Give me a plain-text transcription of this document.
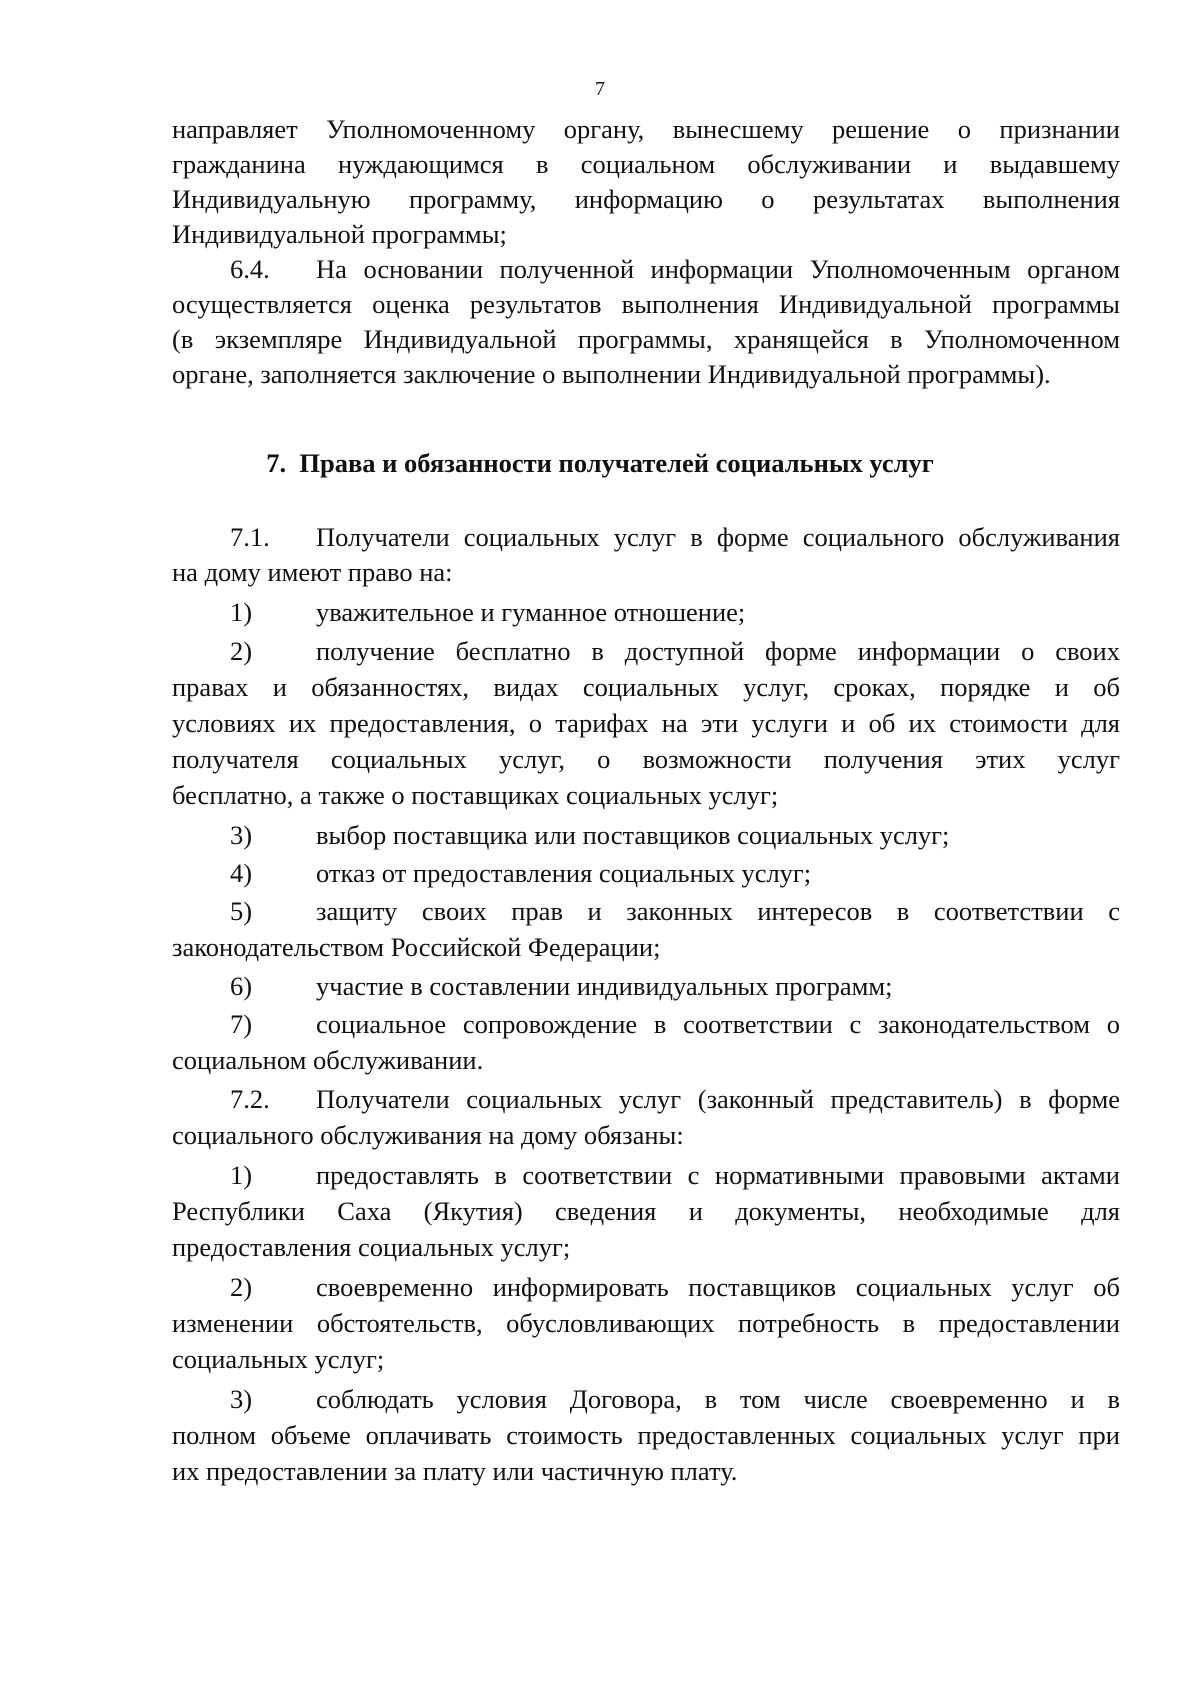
7
направляет Уполномоченному органу, вынесшему решение о признании
гражданина нуждающимся в социальном обслуживании и выдавшему
Индивидуальную программу, информацию о результатах выполнения
Индивидуальной программы;
6.4. На основании полученной информации Уполномоченным органом
осуществляется оценка результатов выполнения Индивидуальной программы
(в экземпляре Индивидуальной программы, хранящейся в Уполномоченном
органе, заполняется заключение о выполнении Индивидуальной программы).
7.  Права и обязанности получателей социальных услуг
7.1. Получатели социальных услуг в форме социального обслуживания
на дому имеют право на:
1) уважительное и гуманное отношение;
2) получение бесплатно в доступной форме информации о своих
правах и обязанностях, видах социальных услуг, сроках, порядке и об
условиях их предоставления, о тарифах на эти услуги и об их стоимости для
получателя социальных услуг, о возможности получения этих услуг
бесплатно, а также о поставщиках социальных услуг;
3) выбор поставщика или поставщиков социальных услуг;
4) отказ от предоставления социальных услуг;
5) защиту своих прав и законных интересов в соответствии с
законодательством Российской Федерации;
6) участие в составлении индивидуальных программ;
7) социальное сопровождение в соответствии с законодательством о
социальном обслуживании.
7.2. Получатели социальных услуг (законный представитель) в форме
социального обслуживания на дому обязаны:
1) предоставлять в соответствии с нормативными правовыми актами
Республики Саха (Якутия) сведения и документы, необходимые для
предоставления социальных услуг;
2) своевременно информировать поставщиков социальных услуг об
изменении обстоятельств, обусловливающих потребность в предоставлении
социальных услуг;
3) соблюдать условия Договора, в том числе своевременно и в
полном объеме оплачивать стоимость предоставленных социальных услуг при
их предоставлении за плату или частичную плату.
